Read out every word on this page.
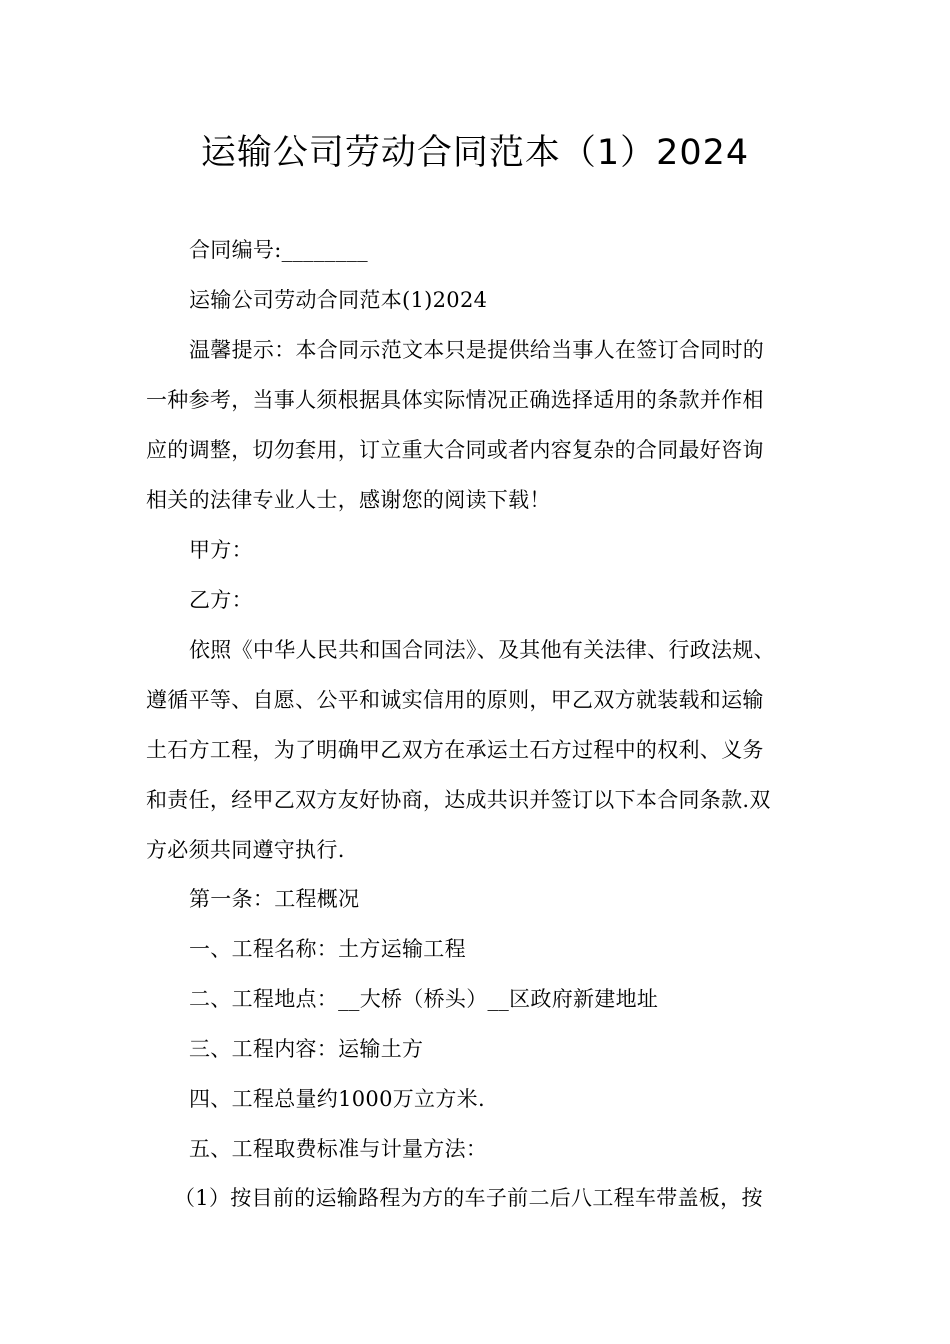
运输公司劳动合同范本（1）2024
合同编号:________
运输公司劳动合同范本(1)2024
温馨提示：本合同示范文本只是提供给当事人在签订合同时的
一种参考，当事人须根据具体实际情况正确选择适用的条款并作相
应的调整，切勿套用，订立重大合同或者内容复杂的合同最好咨询
相关的法律专业人士，感谢您的阅读下载！
甲方：
乙方：
依照《中华人民共和国合同法》、及其他有关法律、行政法规、
遵循平等、自愿、公平和诚实信用的原则，甲乙双方就装载和运输
土石方工程，为了明确甲乙双方在承运土石方过程中的权利、义务
和责任，经甲乙双方友好协商，达成共识并签订以下本合同条款.双
方必须共同遵守执行.
第一条：工程概况
一、工程名称：土方运输工程
二、工程地点：__大桥（桥头）__区政府新建地址
三、工程内容：运输土方
四、工程总量约1000万立方米.
五、工程取费标准与计量方法：
（1）按目前的运输路程为方的车子前二后八工程车带盖板，按
